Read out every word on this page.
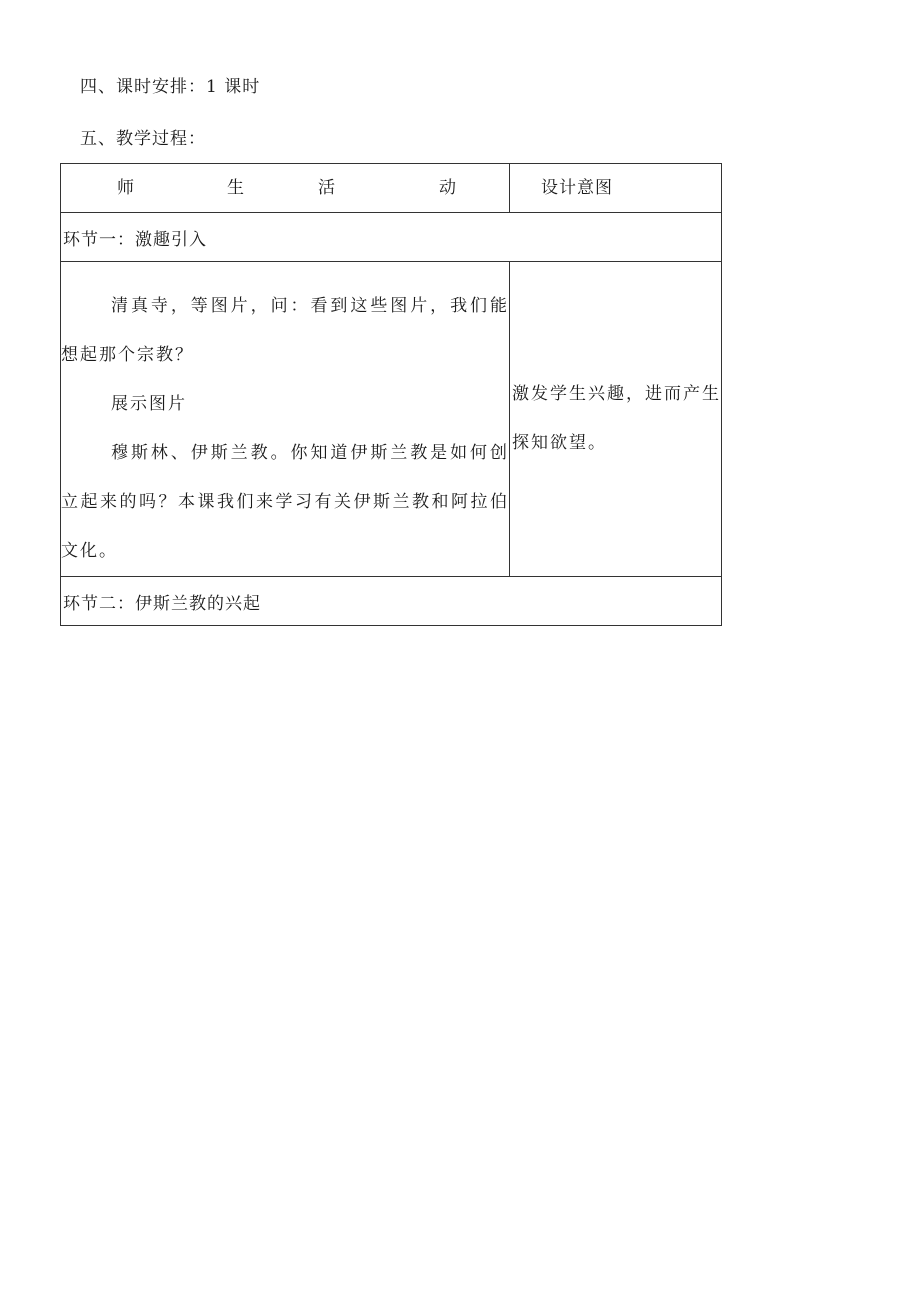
四、课时安排：1 课时
五、教学过程：
师 生 活 动	设计意图

环节一：激趣引入	

清真寺，等图片，问：看到这些图片，我们能想起那个宗教？

展示图片

穆斯林、伊斯兰教。你知道伊斯兰教是如何创立起来的吗？本课我们来学习有关伊斯兰教和阿拉伯文化。	激发学生兴趣，进而产生探知欲望。

环节二：伊斯兰教的兴起	
